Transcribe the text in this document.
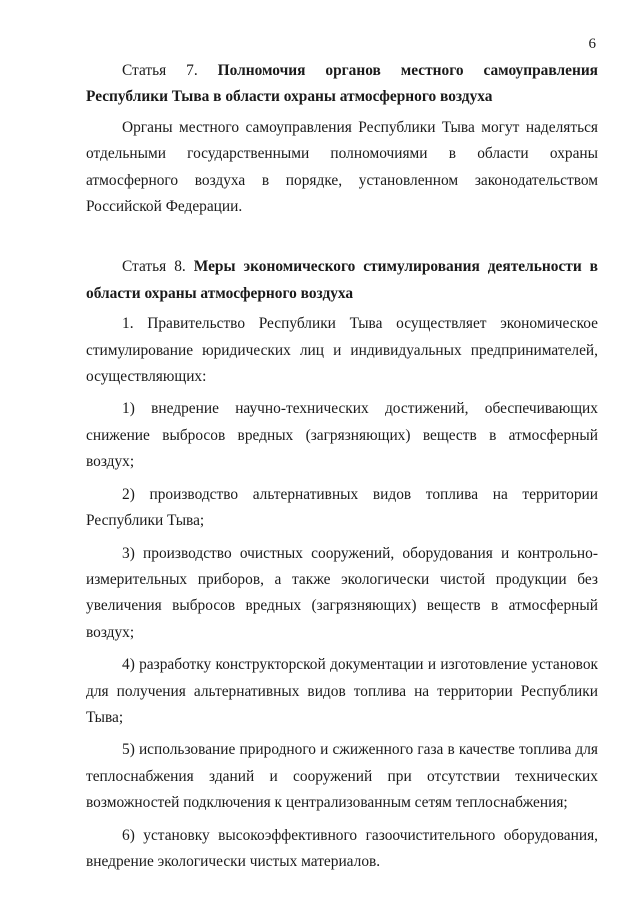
6

Статья 7. Полномочия органов местного самоуправления Республики Тыва в области охраны атмосферного воздуха

Органы местного самоуправления Республики Тыва могут наделяться отдельными государственными полномочиями в области охраны атмосферного воздуха в порядке, установленном законодательством Российской Федерации.

Статья 8. Меры экономического стимулирования деятельности в области охраны атмосферного воздуха

1. Правительство Республики Тыва осуществляет экономическое стимулирование юридических лиц и индивидуальных предпринимателей, осуществляющих:

1) внедрение научно-технических достижений, обеспечивающих снижение выбросов вредных (загрязняющих) веществ в атмосферный воздух;

2) производство альтернативных видов топлива на территории Республики Тыва;

3) производство очистных сооружений, оборудования и контрольно-измерительных приборов, а также экологически чистой продукции без увеличения выбросов вредных (загрязняющих) веществ в атмосферный воздух;

4) разработку конструкторской документации и изготовление установок для получения альтернативных видов топлива на территории Республики Тыва;

5) использование природного и сжиженного газа в качестве топлива для теплоснабжения зданий и сооружений при отсутствии технических возможностей подключения к централизованным сетям теплоснабжения;

6) установку высокоэффективного газоочистительного оборудования, внедрение экологически чистых материалов.
